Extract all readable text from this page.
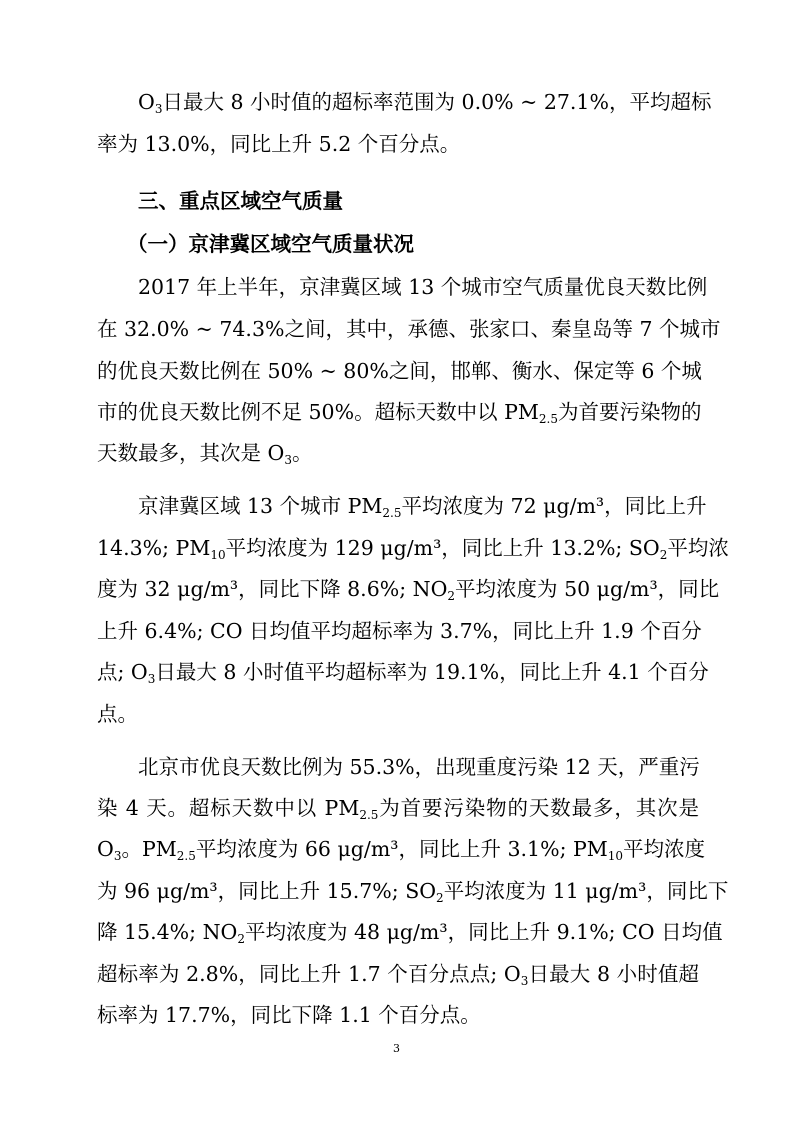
$O_3$日最大 8 小时值的超标率范围为 0.0% ~ 27.1%，平均超标
率为 13.0%，同比上升 5.2 个百分点。
三、重点区域空气质量
（一）京津冀区域空气质量状况
2017 年上半年，京津冀区域 13 个城市空气质量优良天数比例
在 32.0% ~ 74.3%之间，其中，承德、张家口、秦皇岛等 7 个城市
的优良天数比例在 50% ~ 80%之间，邯郸、衡水、保定等 6 个城
市的优良天数比例不足 50%。超标天数中以 $PM_{2.5}$为首要污染物的
天数最多，其次是 $O_3$。
京津冀区域 13 个城市 $PM_{2.5}$平均浓度为 72 μg/m³，同比上升
14.3%; $PM_{10}$平均浓度为 129 μg/m³，同比上升 13.2%; $SO_2$平均浓
度为 32 μg/m³，同比下降 8.6%; $NO_2$平均浓度为 50 μg/m³，同比
上升 6.4%; CO 日均值平均超标率为 3.7%，同比上升 1.9 个百分
点; $O_3$日最大 8 小时值平均超标率为 19.1%，同比上升 4.1 个百分
点。
北京市优良天数比例为 55.3%，出现重度污染 12 天，严重污
染 4 天。超标天数中以 $PM_{2.5}$为首要污染物的天数最多，其次是
$O_3$。$PM_{2.5}$平均浓度为 66 μg/m³，同比上升 3.1%; $PM_{10}$平均浓度
为 96 μg/m³，同比上升 15.7%; $SO_2$平均浓度为 11 μg/m³，同比下
降 15.4%; $NO_2$平均浓度为 48 μg/m³，同比上升 9.1%; CO 日均值
超标率为 2.8%，同比上升 1.7 个百分点点; $O_3$日最大 8 小时值超
标率为 17.7%，同比下降 1.1 个百分点。
3
